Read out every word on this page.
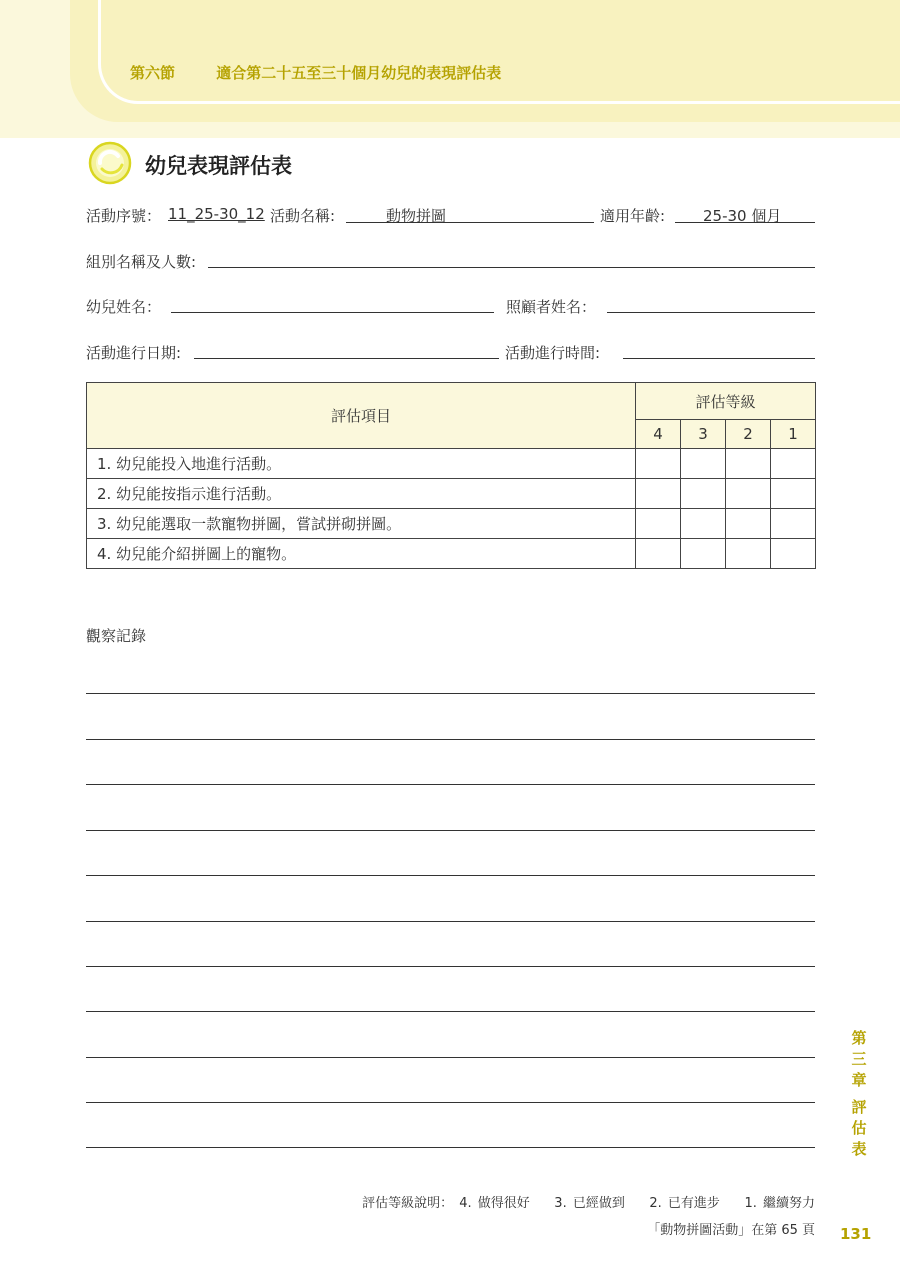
第六節	適合第二十五至三十個月幼兒的表現評估表
幼兒表現評估表
活動序號： 11_25-30_12 活動名稱:	動物拼圖	適用年齡:	25-30 個月
組別名稱及人數:
幼兒姓名：	照顧者姓名：
活動進行日期:	活動進行時間:
評估項目	評估等級			
	4	3	2	1
1. 幼兒能投入地進行活動。				
2. 幼兒能按指示進行活動。				
3. 幼兒能選取一款寵物拼圖，嘗試拼砌拼圖。				
4. 幼兒能介紹拼圖上的寵物。				
觀察記錄
第
三
章
評
估
表
評估等級說明： 4. 做得很好 3. 已經做到 2. 已有進步 1. 繼續努力
「動物拼圖活動」在第 65 頁 131
